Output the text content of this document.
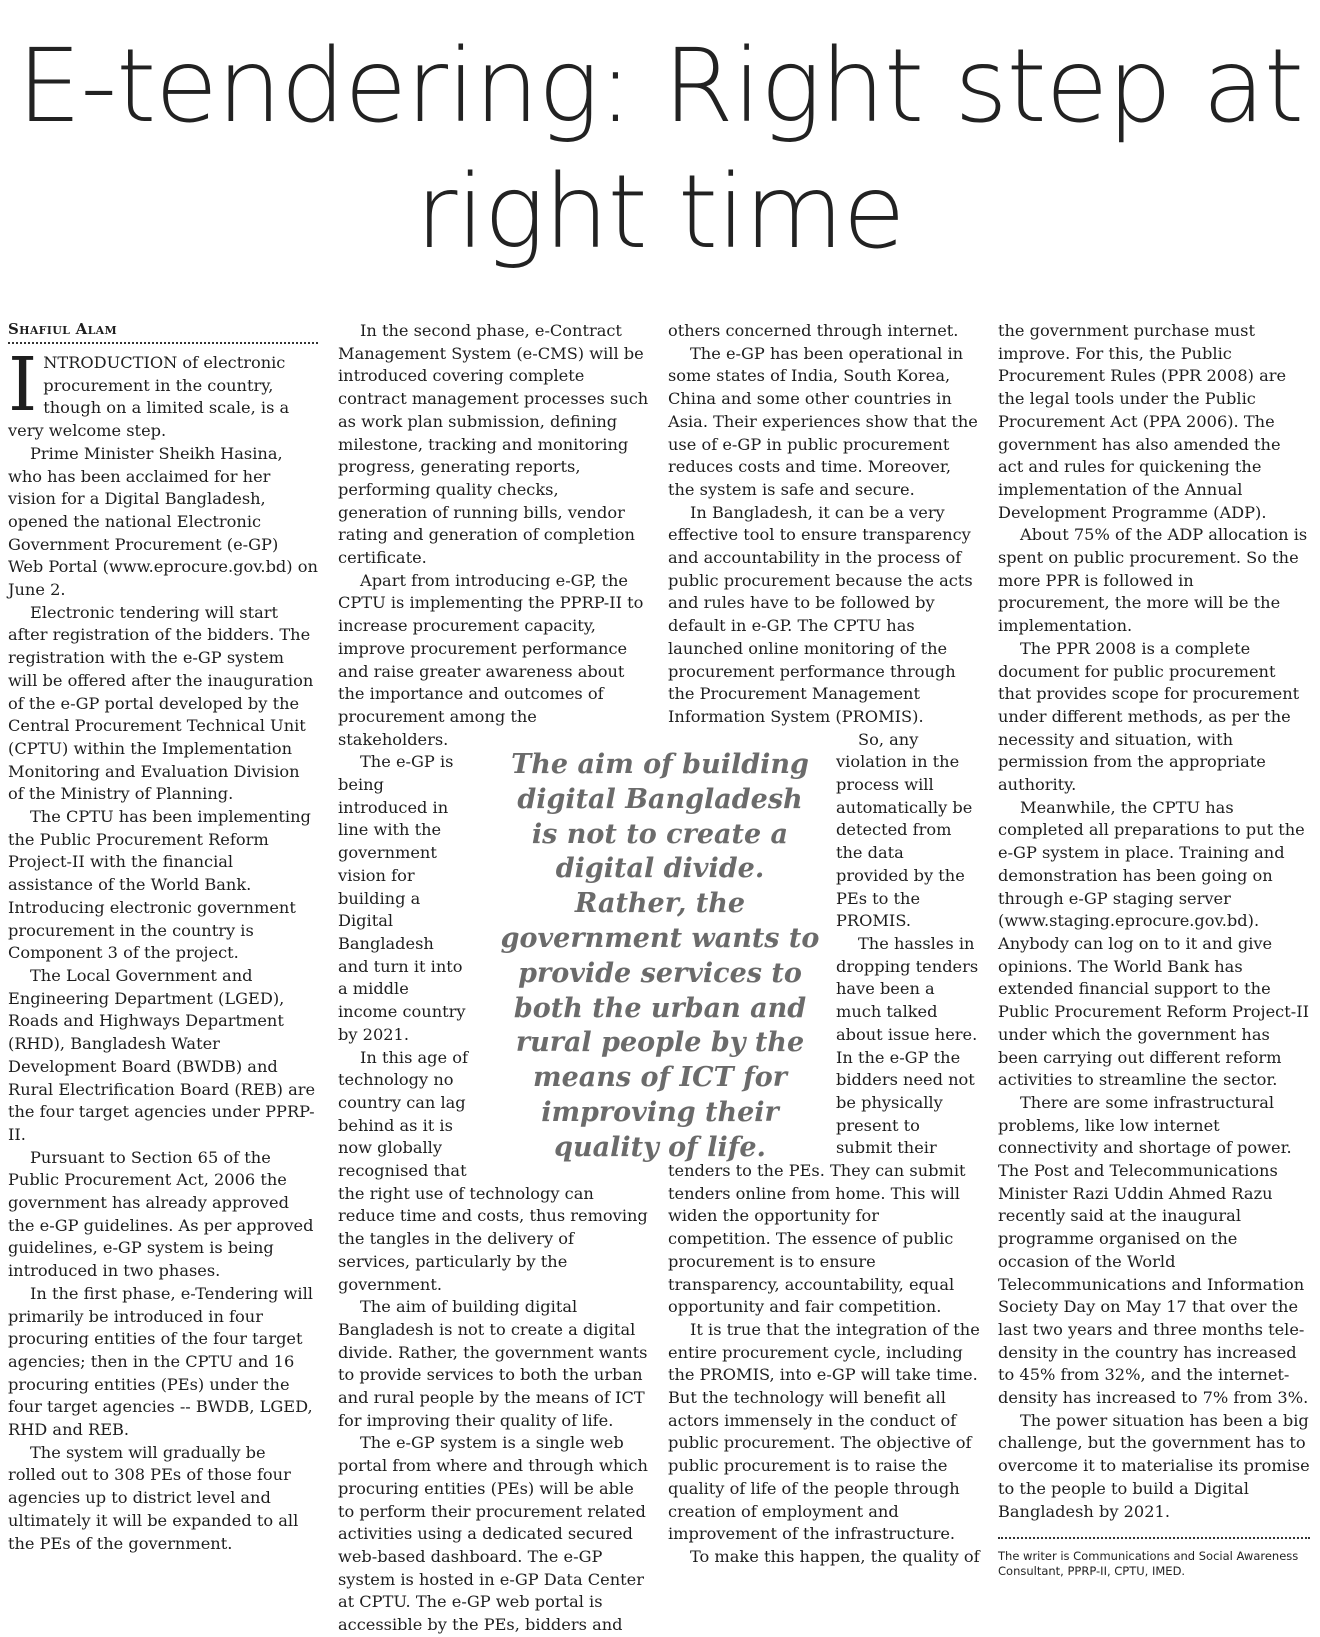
E-tendering: Right step at right time
Shafiul Alam

INTRODUCTION of electronic procurement in the country, though on a limited scale, is a very welcome step.

Prime Minister Sheikh Hasina, who has been acclaimed for her vision for a Digital Bangladesh, opened the national Electronic Government Procurement (e-GP) Web Portal (www.eprocure.gov.bd) on June 2.

Electronic tendering will start after registration of the bidders. The registration with the e-GP system will be offered after the inauguration of the e-GP portal developed by the Central Procurement Technical Unit (CPTU) within the Implementation Monitoring and Evaluation Division of the Ministry of Planning.

The CPTU has been implementing the Public Procurement Reform Project-II with the financial assistance of the World Bank. Introducing electronic government procurement in the country is Component 3 of the project.

The Local Government and Engineering Department (LGED), Roads and Highways Department (RHD), Bangladesh Water Development Board (BWDB) and Rural Electrification Board (REB) are the four target agencies under PPRP-II.

Pursuant to Section 65 of the Public Procurement Act, 2006 the government has already approved the e-GP guidelines. As per approved guidelines, e-GP system is being introduced in two phases.

In the first phase, e-Tendering will primarily be introduced in four procuring entities of the four target agencies; then in the CPTU and 16 procuring entities (PEs) under the four target agencies -- BWDB, LGED, RHD and REB.

The system will gradually be rolled out to 308 PEs of those four agencies up to district level and ultimately it will be expanded to all the PEs of the government.

In the second phase, e-Contract Management System (e-CMS) will be introduced covering complete contract management processes such as work plan submission, defining milestone, tracking and monitoring progress, generating reports, performing quality checks, generation of running bills, vendor rating and generation of completion certificate.

Apart from introducing e-GP, the CPTU is implementing the PPRP-II to increase procurement capacity, improve procurement performance and raise greater awareness about the importance and outcomes of procurement among the stakeholders.

The e-GP is being introduced in line with the government vision for building a Digital Bangladesh and turn it into a middle income country by 2021.

In this age of technology no country can lag behind as it is now globally recognised that the right use of technology can reduce time and costs, thus removing the tangles in the delivery of services, particularly by the government.

The aim of building digital Bangladesh is not to create a digital divide. Rather, the government wants to provide services to both the urban and rural people by the means of ICT for improving their quality of life.

The e-GP system is a single web portal from where and through which procuring entities (PEs) will be able to perform their procurement related activities using a dedicated secured web-based dashboard. The e-GP system is hosted in e-GP Data Center at CPTU. The e-GP web portal is accessible by the PEs, bidders and

others concerned through internet.

The e-GP has been operational in some states of India, South Korea, China and some other countries in Asia. Their experiences show that the use of e-GP in public procurement reduces costs and time. Moreover, the system is safe and secure.

In Bangladesh, it can be a very effective tool to ensure transparency and accountability in the process of public procurement because the acts and rules have to be followed by default in e-GP. The CPTU has launched online monitoring of the procurement performance through the Procurement Management Information System (PROMIS).

So, any violation in the process will automatically be detected from the data provided by the PEs to the PROMIS.

The hassles in dropping tenders have been a much talked about issue here. In the e-GP the bidders need not be physically present to submit their tenders to the PEs. They can submit tenders online from home. This will widen the opportunity for competition. The essence of public procurement is to ensure transparency, accountability, equal opportunity and fair competition.

It is true that the integration of the entire procurement cycle, including the PROMIS, into e-GP will take time. But the technology will benefit all actors immensely in the conduct of public procurement. The objective of public procurement is to raise the quality of life of the people through creation of employment and improvement of the infrastructure.

To make this happen, the quality of

the government purchase must improve. For this, the Public Procurement Rules (PPR 2008) are the legal tools under the Public Procurement Act (PPA 2006). The government has also amended the act and rules for quickening the implementation of the Annual Development Programme (ADP).

About 75% of the ADP allocation is spent on public procurement. So the more PPR is followed in procurement, the more will be the implementation.

The PPR 2008 is a complete document for public procurement that provides scope for procurement under different methods, as per the necessity and situation, with permission from the appropriate authority.

Meanwhile, the CPTU has completed all preparations to put the e-GP system in place. Training and demonstration has been going on through e-GP staging server (www.staging.eprocure.gov.bd). Anybody can log on to it and give opinions. The World Bank has extended financial support to the Public Procurement Reform Project-II under which the government has been carrying out different reform activities to streamline the sector.

There are some infrastructural problems, like low internet connectivity and shortage of power. The Post and Telecommunications Minister Razi Uddin Ahmed Razu recently said at the inaugural programme organised on the occasion of the World Telecommunications and Information Society Day on May 17 that over the last two years and three months tele-density in the country has increased to 45% from 32%, and the internet-density has increased to 7% from 3%.

The power situation has been a big challenge, but the government has to overcome it to materialise its promise to the people to build a Digital Bangladesh by 2021.

The writer is Communications and Social Awareness Consultant, PPRP-II, CPTU, IMED.

The aim of building digital Bangladesh is not to create a digital divide. Rather, the government wants to provide services to both the urban and rural people by the means of ICT for improving their quality of life.
